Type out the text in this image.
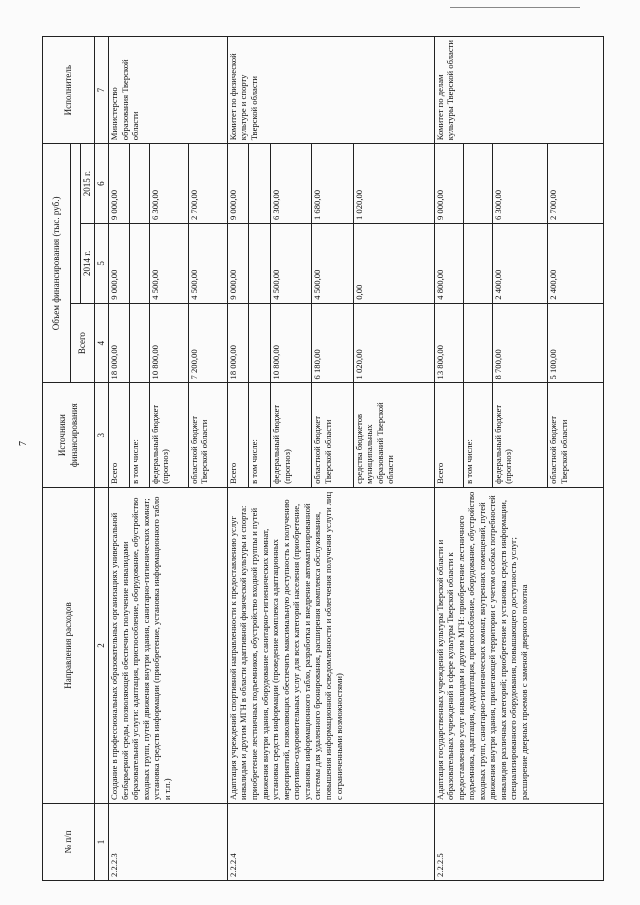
7
№ п/п	Направления расходов	Источники финансирования	Объем финансирования (тыс. руб.)			Исполнитель
			Всего			
				2014 г.	2015 г.	
1	2	3	4	5	6	7
2.2.2.3	Создание в профессиональных образовательных организациях универсальной безбарьерной среды, позволяющей обеспечить получение инвалидами образовательной услуги: адаптация, приспособление, оборудование, обустройство входных групп, путей движения внутри здания, санитарно-гигиенических комнат; установка средств информации (приобретение, установка информационного табло и т.п.)	Всего	18 000,00	9 000,00	9 000,00	Министерство образования Тверской области
		в том числе:				
		федеральный бюджет (прогноз)	10 800,00	4 500,00	6 300,00	
		областной бюджет Тверской области	7 200,00	4 500,00	2 700,00	
2.2.2.4	Адаптация учреждений спортивной направленности к предоставлению услуг инвалидам и другим МГН в области адаптивной физической культуры и спорта: приобретение лестничных подъемников, обустройство входной группы и путей движения внутри здания, оборудование санитарно-гигиенических комнат, установка средств информации (проведение комплекса адаптационных мероприятий, позволяющих обеспечить максимальную доступность к получению спортивно-оздоровительных услуг для всех категорий населения (приобретение, установка информационного табло, разработка и внедрение автоматизированной системы для удаленного бронирования, расширения комплекса обслуживания, повышения информационной осведомленности и облегчения получения услуги лиц с ограниченными возможностями)	Всего	18 000,00	9 000,00	9 000,00	Комитет по физической культуре и спорту Тверской области
		в том числе:				
		федеральный бюджет (прогноз)	10 800,00	4 500,00	6 300,00	
		областной бюджет Тверской области	6 180,00	4 500,00	1 680,00	
		средства бюджетов муниципальных образований Тверской области	1 020,00	0,00	1 020,00	
2.2.2.5	Адаптация государственных учреждений культуры Тверской области и образовательных учреждений в сфере культуры Тверской области к предоставлению услуг инвалидам и другим МГН: приобретение лестничного подъемника, адаптация, доддаптация, приспособление, оборудование, обустройство входных групп, санитарно-гигиенических комнат, внутренних помещений, путей движения внутри здания, прилегающей территории с учетом особых потребностей инвалидов различных категорий; приобретение и установка средств информации, специализированного оборудования, повышающего доступность услуг; расширение дверных проемов с заменой дверного полотна	Всего	13 800,00	4 800,00	9 000,00	Комитет по делам культуры Тверской области
		в том числе:				
		федеральный бюджет (прогноз)	8 700,00	2 400,00	6 300,00	
		областной бюджет Тверской области	5 100,00	2 400,00	2 700,00	
